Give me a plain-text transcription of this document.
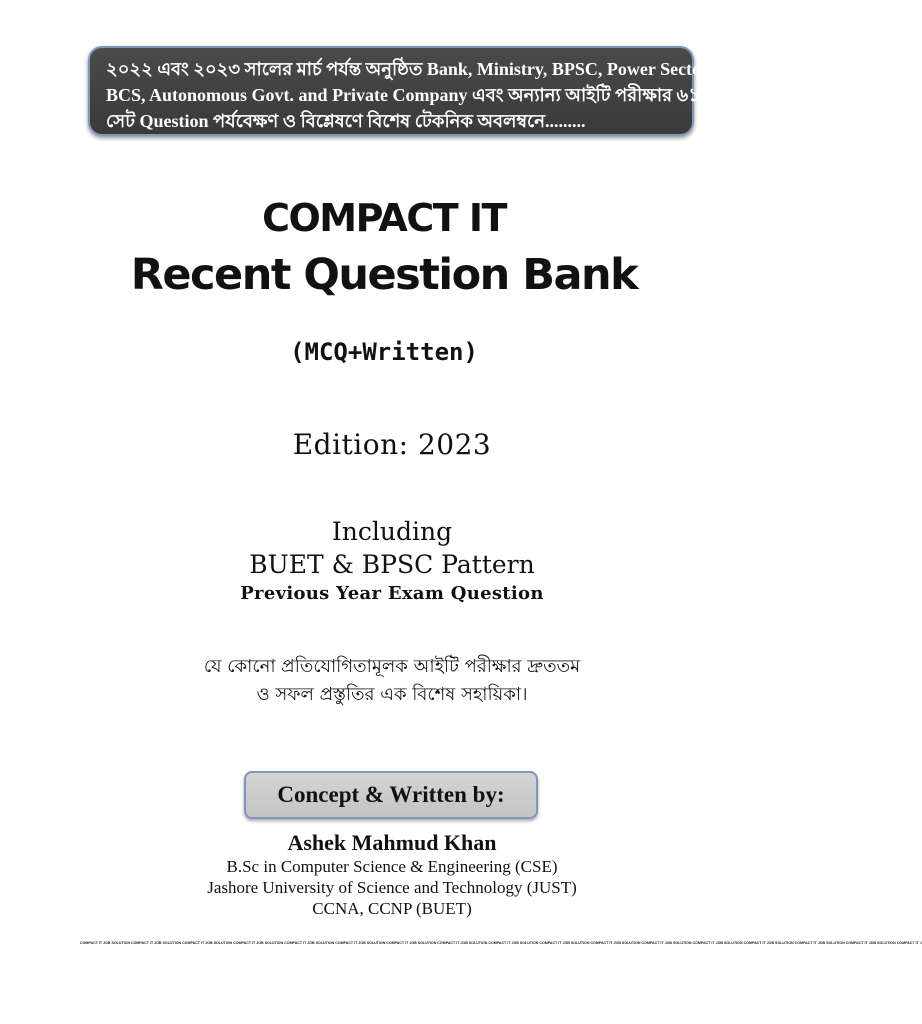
২০২২ এবং ২০২৩ সালের মার্চ পর্যন্ত অনুষ্ঠিত Bank, Ministry, BPSC, Power Sector,
BCS, Autonomous Govt. and Private Company এবং অন্যান্য আইটি পরীক্ষার ৬১
সেট Question পর্যবেক্ষণ ও বিশ্লেষণে বিশেষ টেকনিক অবলম্বনে.........
COMPACT IT
Recent Question Bank
(MCQ+Written)
Edition: 2023
Including
BUET & BPSC Pattern
Previous Year Exam Question
যে কোনো প্রতিযোগিতামূলক আইটি পরীক্ষার দ্রুততম
ও সফল প্রস্তুতির এক বিশেষ সহায়িকা।
Concept & Written by:
Ashek Mahmud Khan
B.Sc in Computer Science & Engineering (CSE)
Jashore University of Science and Technology (JUST)
CCNA, CCNP (BUET)
COMPACT IT JOB SOLUTION COMPACT IT JOB SOLUTION COMPACT IT JOB SOLUTION COMPACT IT JOB SOLUTION COMPACT IT JOB SOLUTION COMPACT IT JOB SOLUTION COMPACT IT JOB SOLUTION COMPACT IT JOB SOLUTION COMPACT IT JOB SOLUTION COMPACT IT JOB SOLUTION COMPACT IT JOB SOLUTION COMPACT IT JOB SOLUTION COMPACT IT JOB SOLUTION COMPACT IT JOB SOLUTION COMPACT IT JOB SOLUTION COMPACT IT JOB SOLUTION COMPACT IT J
